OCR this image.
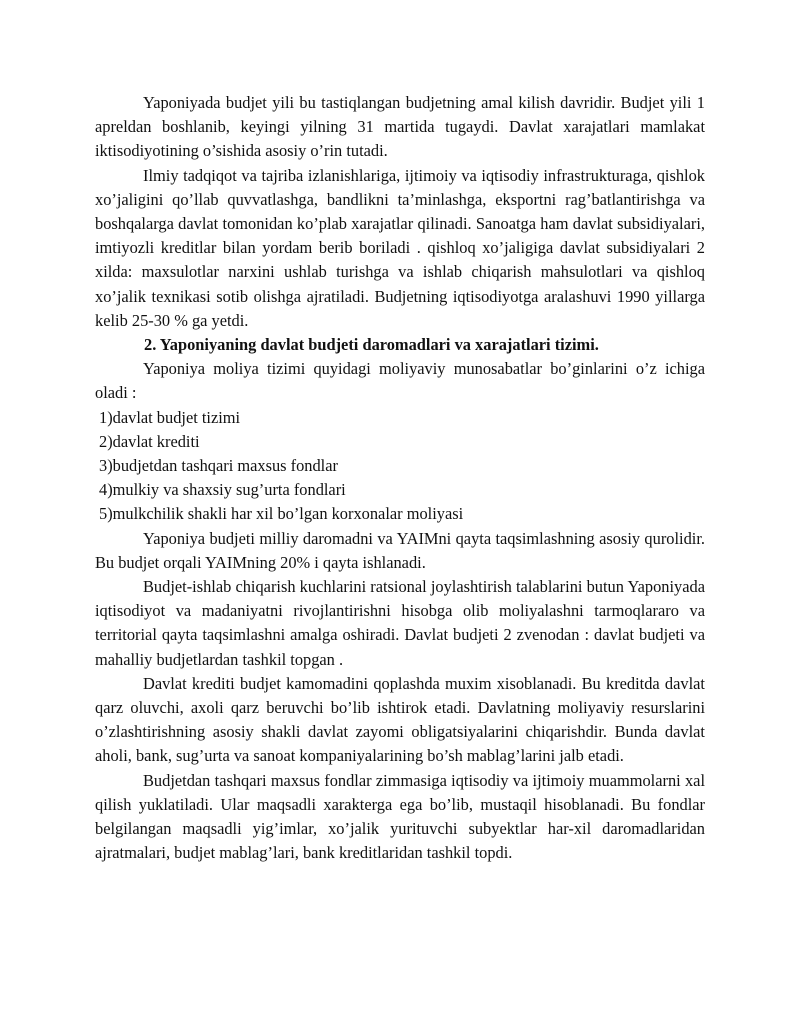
Yaponiyada budjet yili bu tastiqlangan budjetning amal kilish davridir. Budjet yili 1 apreldan boshlanib, keyingi yilning 31 martida tugaydi. Davlat xarajatlari mamlakat iktisodiyotining o’sishida asosiy o’rin tutadi.

Ilmiy tadqiqot va tajriba izlanishlariga, ijtimoiy va iqtisodiy infrastrukturaga, qishlok xo’jaligini qo’llab quvvatlashga, bandlikni ta’minlashga, eksportni rag’batlantirishga va boshqalarga davlat tomonidan ko’plab xarajatlar qilinadi. Sanoatga ham davlat subsidiyalari, imtiyozli kreditlar bilan yordam berib boriladi . qishloq xo’jaligiga davlat subsidiyalari 2 xilda: maxsulotlar narxini ushlab turishga va ishlab chiqarish mahsulotlari va qishloq xo’jalik texnikasi sotib olishga ajratiladi. Budjetning iqtisodiyotga aralashuvi 1990 yillarga kelib 25-30 % ga yetdi.

2. Yaponiyaning davlat budjeti daromadlari va xarajatlari tizimi.

Yaponiya moliya tizimi quyidagi moliyaviy munosabatlar bo’ginlarini o’z ichiga oladi :

1)davlat budjet tizimi
2)davlat krediti
3)budjetdan tashqari maxsus fondlar
4)mulkiy va shaxsiy sug’urta fondlari
5)mulkchilik shakli har xil bo’lgan korxonalar moliyasi

Yaponiya budjeti milliy daromadni va YAIMni qayta taqsimlashning asosiy qurolidir. Bu budjet orqali YAIMning 20% i qayta ishlanadi.

Budjet-ishlab chiqarish kuchlarini ratsional joylashtirish talablarini butun Yaponiyada iqtisodiyot va madaniyatni rivojlantirishni hisobga olib moliyalashni tarmoqlararo va territorial qayta taqsimlashni amalga oshiradi. Davlat budjeti 2 zvenodan : davlat budjeti va mahalliy budjetlardan tashkil topgan .

Davlat krediti budjet kamomadini qoplashda muxim xisoblanadi. Bu kreditda davlat qarz oluvchi, axoli qarz beruvchi bo’lib ishtirok etadi. Davlatning moliyaviy resurslarini o’zlashtirishning asosiy shakli davlat zayomi obligatsiyalarini chiqarishdir. Bunda davlat aholi, bank, sug’urta va sanoat kompaniyalarining bo’sh mablag’larini jalb etadi.

Budjetdan tashqari maxsus fondlar zimmasiga iqtisodiy va ijtimoiy muammolarni xal qilish yuklatiladi. Ular maqsadli xarakterga ega bo’lib, mustaqil hisoblanadi. Bu fondlar belgilangan maqsadli yig’imlar, xo’jalik yurituvchi subyektlar har-xil daromadlaridan ajratmalari, budjet mablag’lari, bank kreditlaridan tashkil topdi.
